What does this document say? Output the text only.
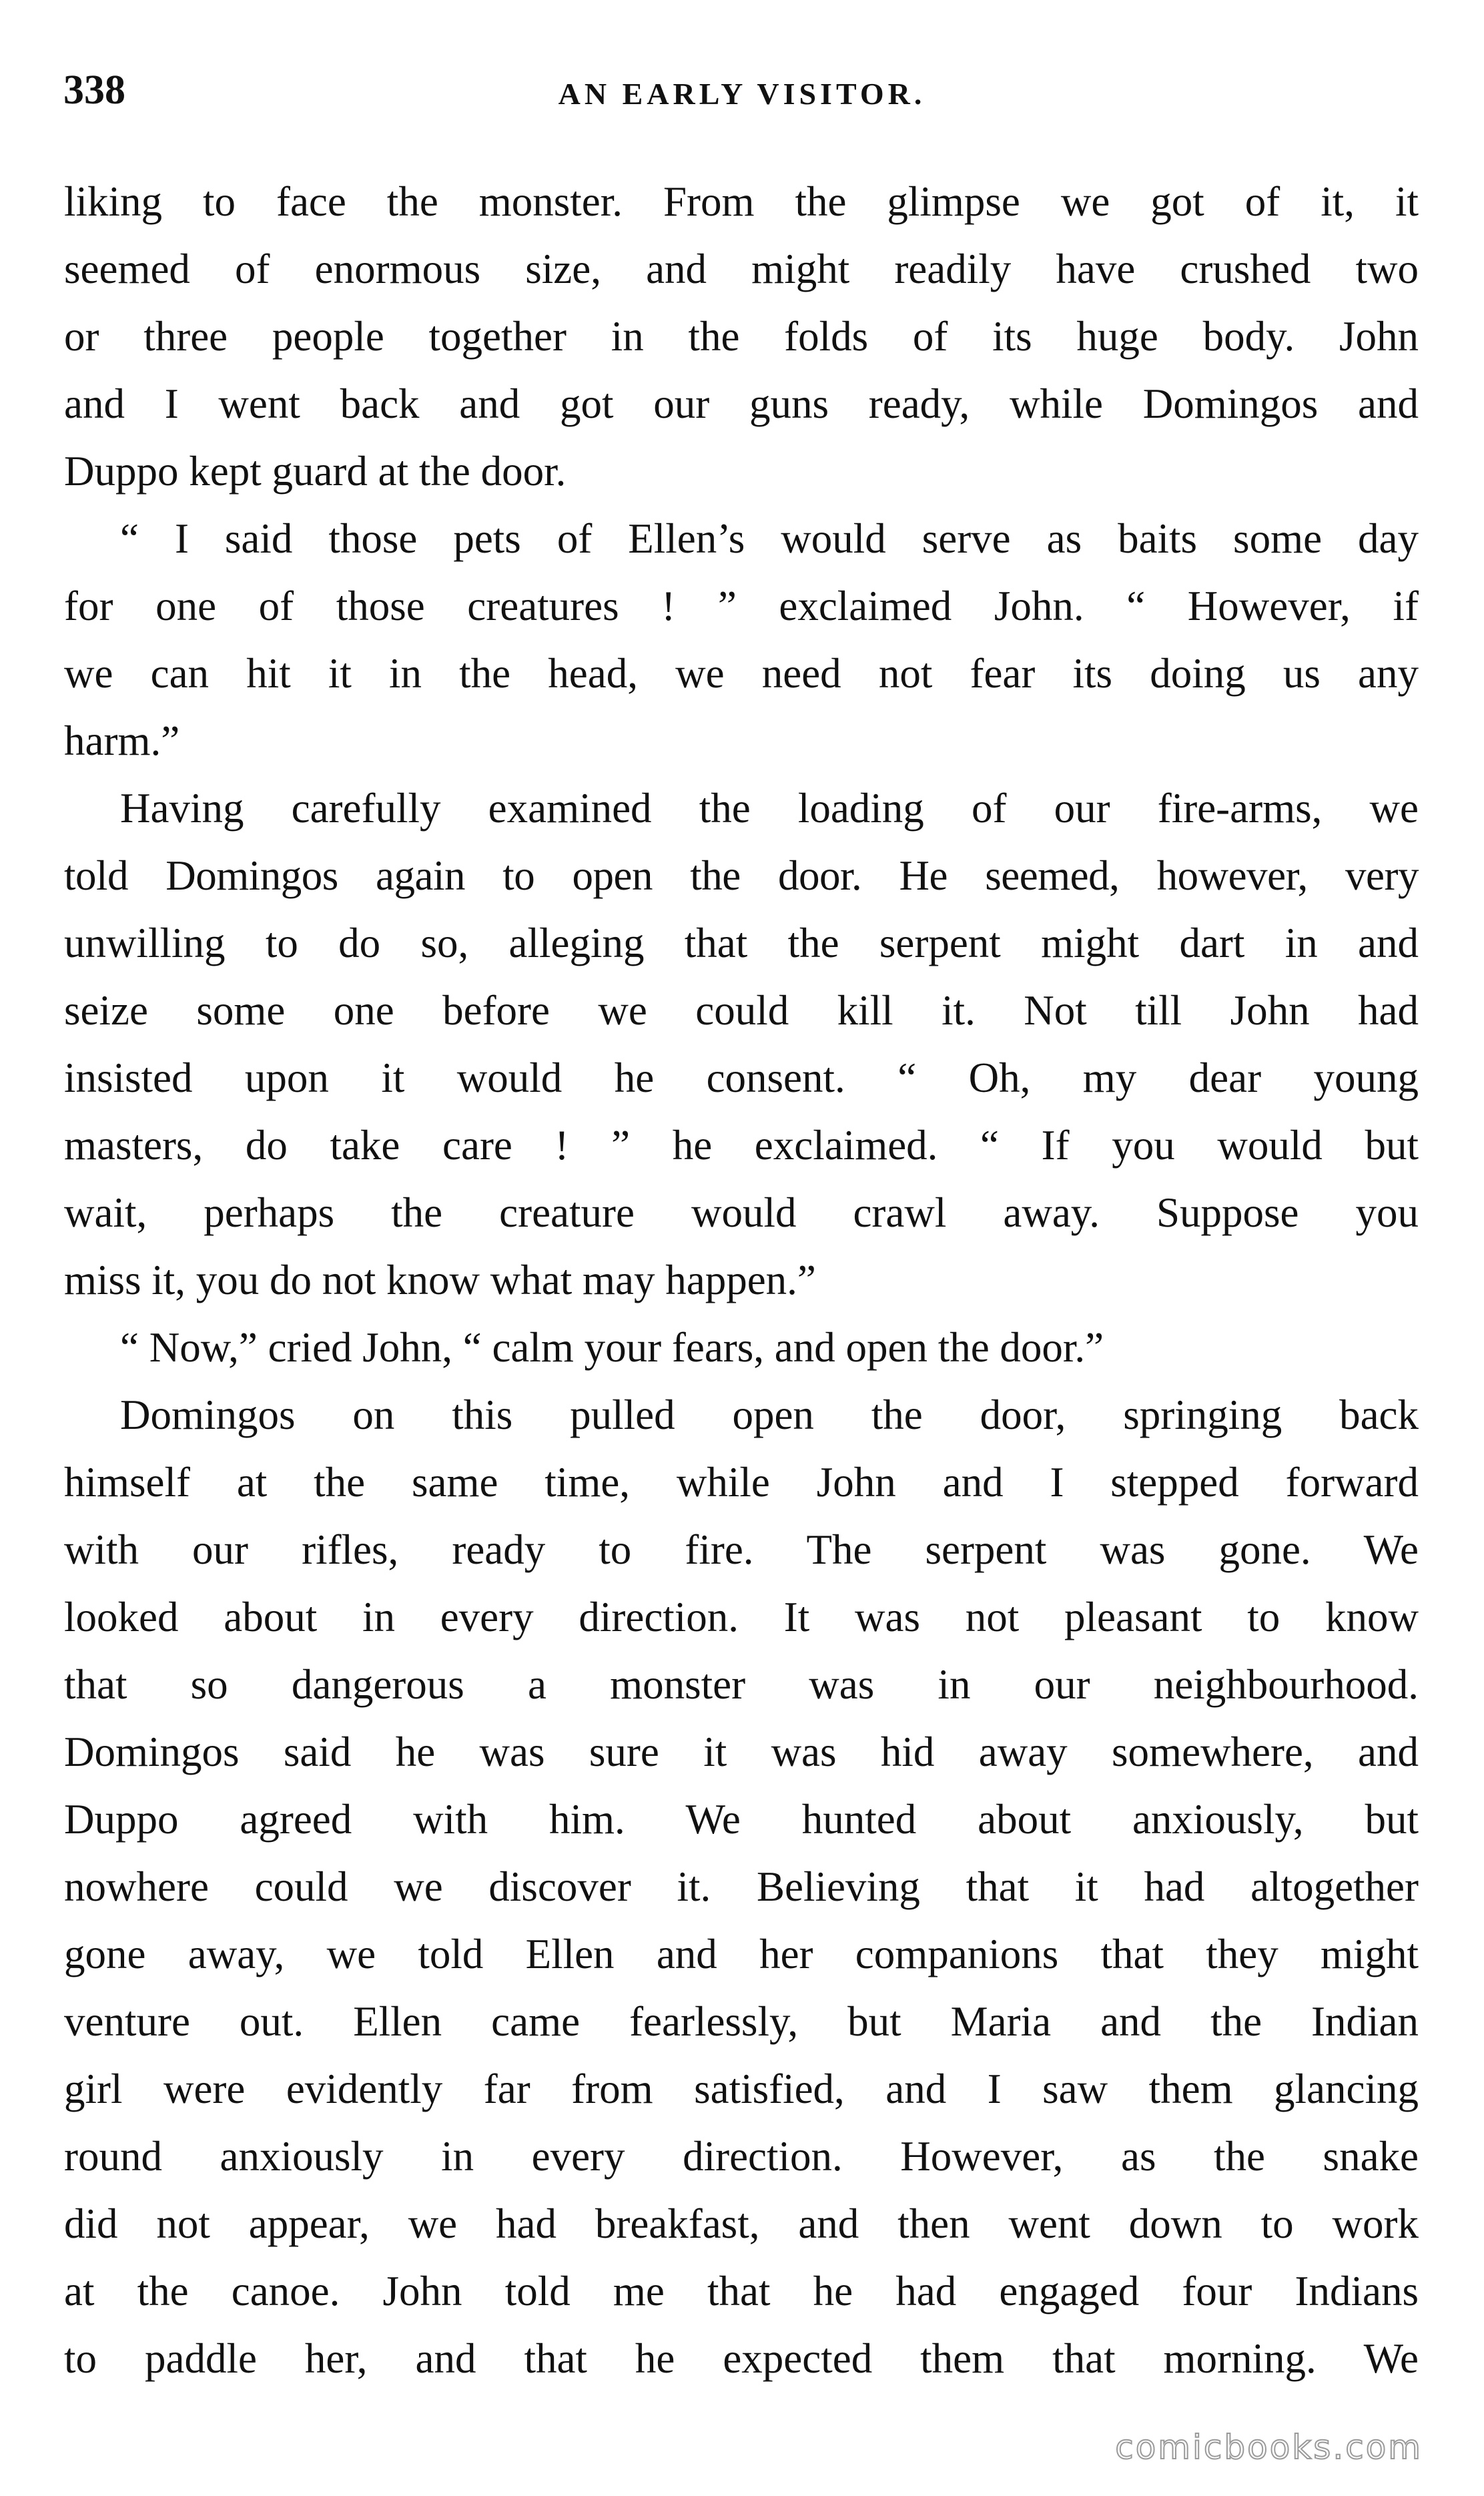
338	AN EARLY VISITOR.
liking to face the monster. From the glimpse we got of it, it
seemed of enormous size, and might readily have crushed two
or three people together in the folds of its huge body. John
and I went back and got our guns ready, while Domingos and
Duppo kept guard at the door.
“ I said those pets of Ellen’s would serve as baits some day
for one of those creatures ! ” exclaimed John. “ However, if
we can hit it in the head, we need not fear its doing us any
harm.”
Having carefully examined the loading of our fire-arms, we
told Domingos again to open the door. He seemed, however, very
unwilling to do so, alleging that the serpent might dart in and
seize some one before we could kill it. Not till John had
insisted upon it would he consent. “ Oh, my dear young
masters, do take care ! ” he exclaimed. “ If you would but
wait, perhaps the creature would crawl away. Suppose you
miss it, you do not know what may happen.”
“ Now,” cried John, “ calm your fears, and open the door.”
Domingos on this pulled open the door, springing back
himself at the same time, while John and I stepped forward
with our rifles, ready to fire. The serpent was gone. We
looked about in every direction. It was not pleasant to know
that so dangerous a monster was in our neighbourhood.
Domingos said he was sure it was hid away somewhere, and
Duppo agreed with him. We hunted about anxiously, but
nowhere could we discover it. Believing that it had altogether
gone away, we told Ellen and her companions that they might
venture out. Ellen came fearlessly, but Maria and the Indian
girl were evidently far from satisfied, and I saw them glancing
round anxiously in every direction. However, as the snake
did not appear, we had breakfast, and then went down to work
at the canoe. John told me that he had engaged four Indians
to paddle her, and that he expected them that morning. We
comicbooks.com
